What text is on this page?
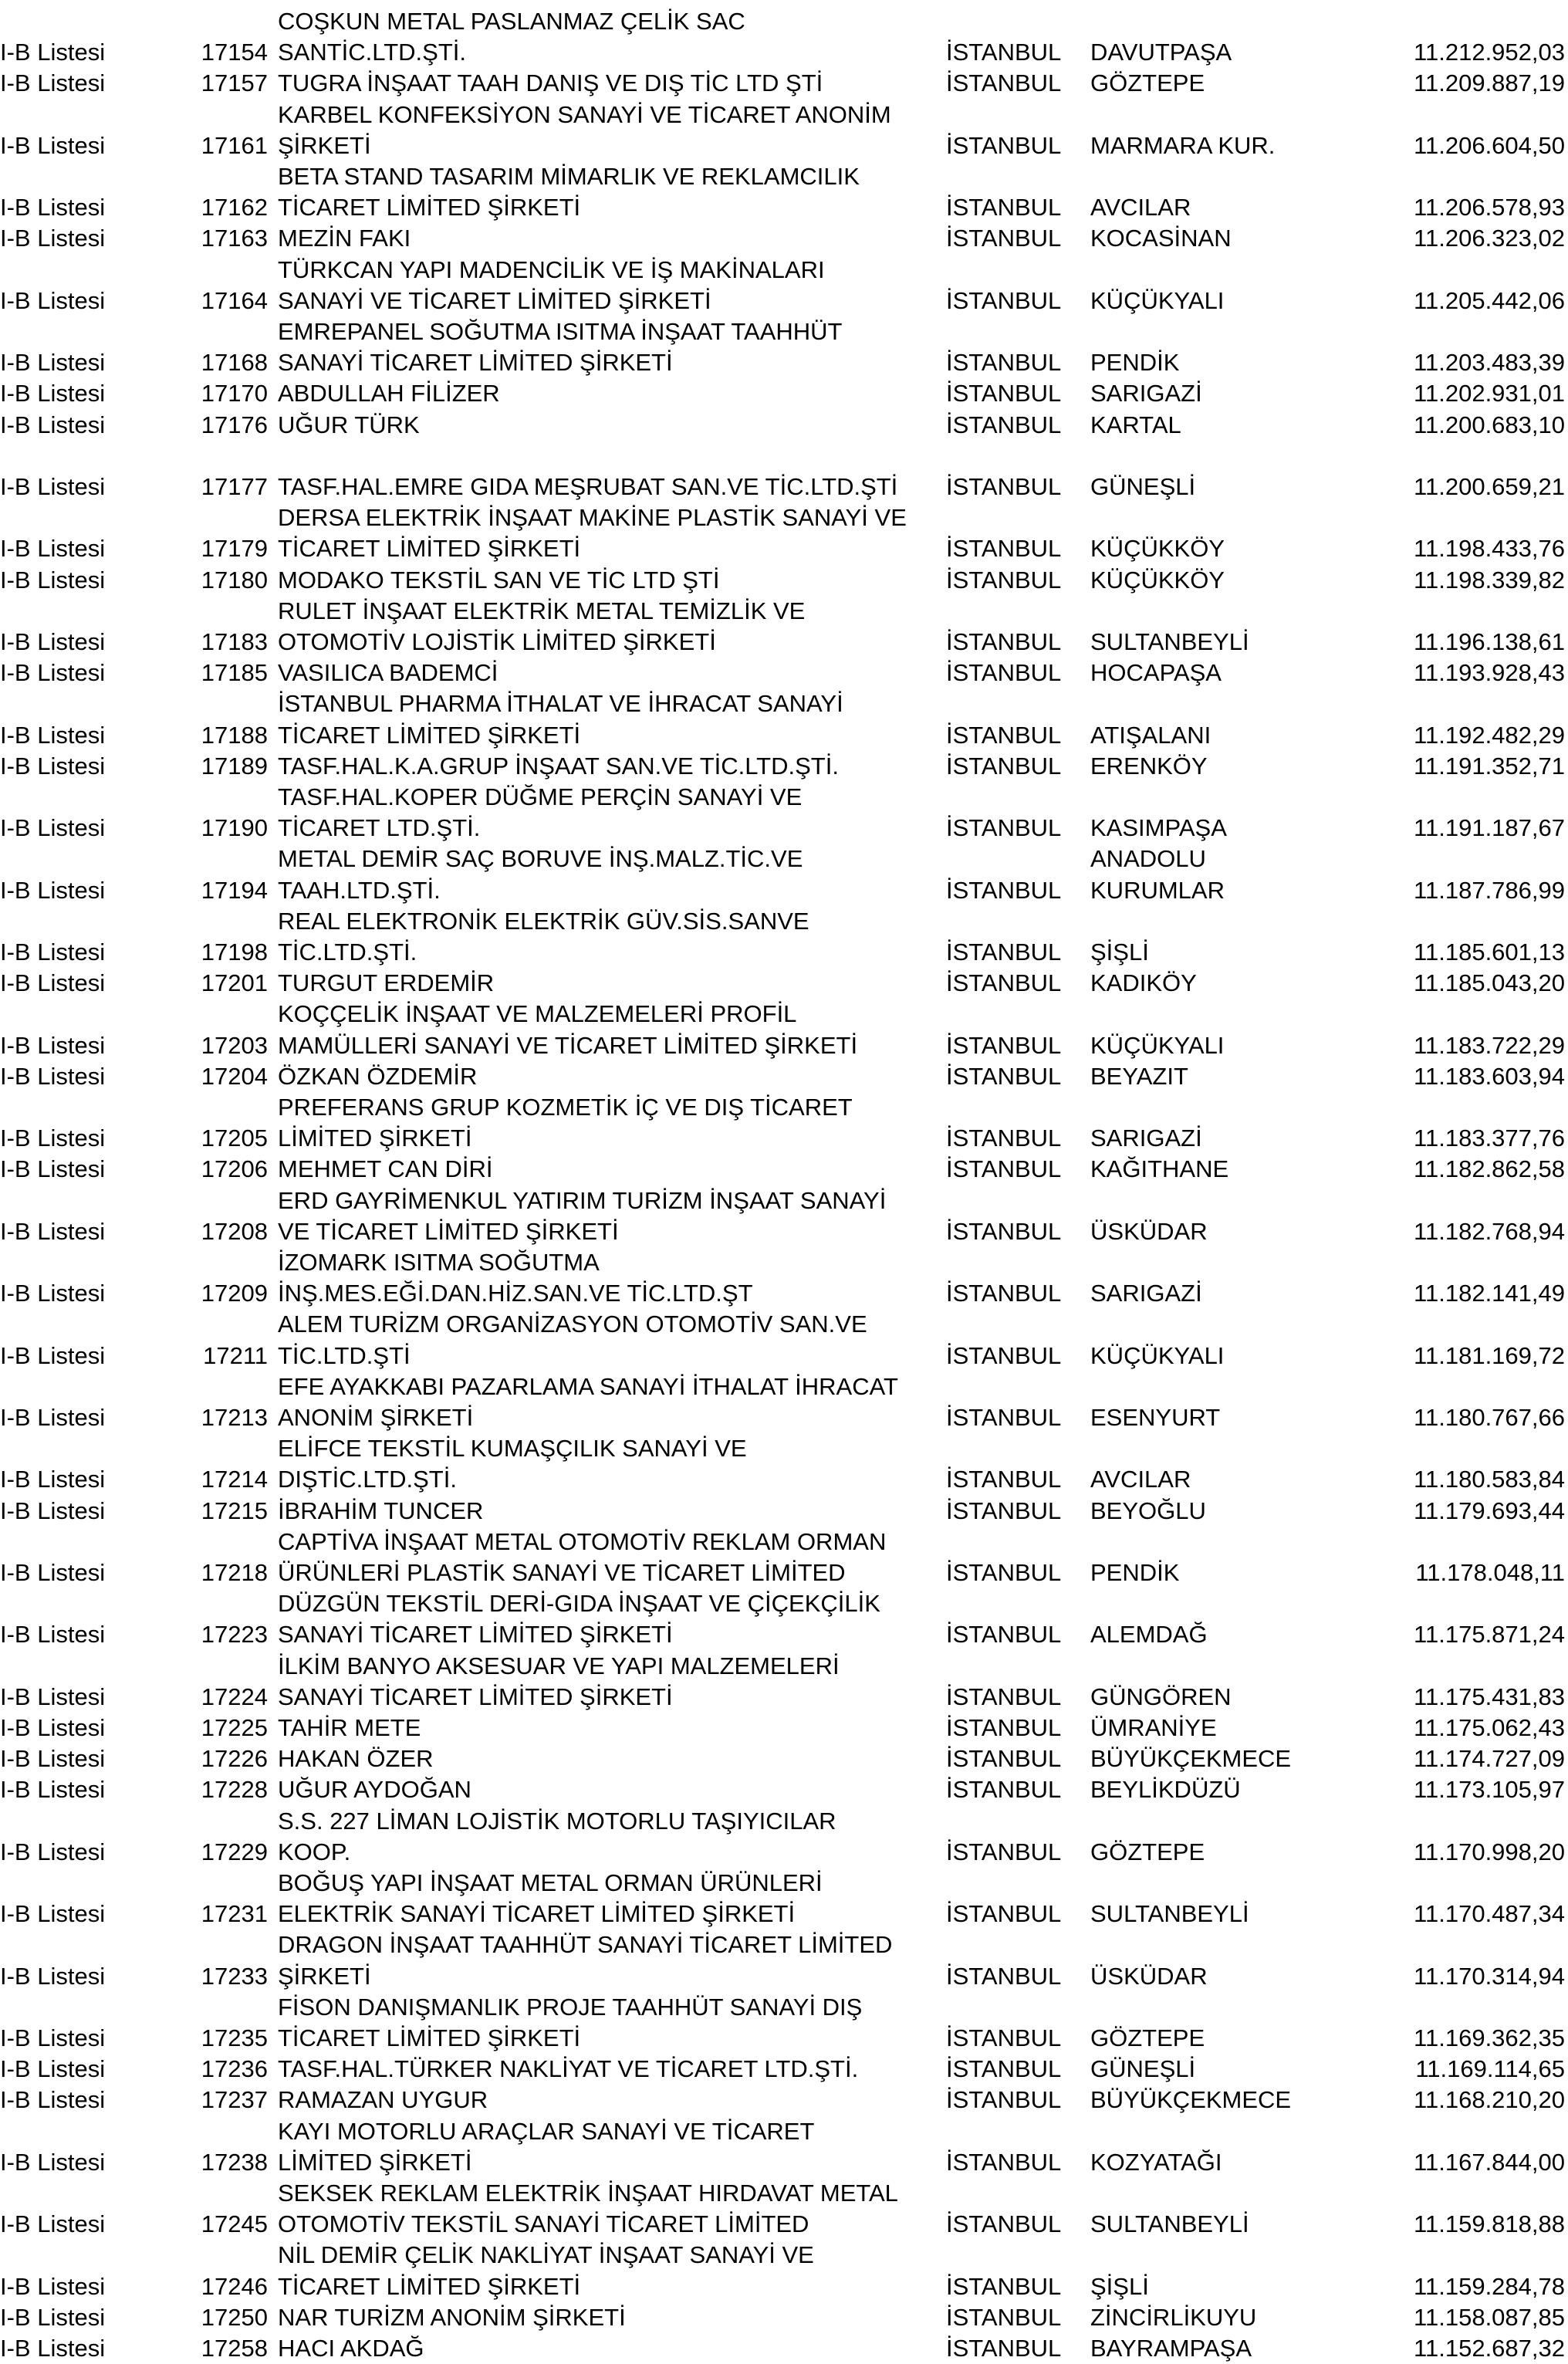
COŞKUN METAL PASLANMAZ ÇELİK SAC
I-B Listesi	17154 SANTİC.LTD.ŞTİ.	İSTANBUL DAVUTPAŞA	11.212.952,03
I-B Listesi	17157 TUGRA İNŞAAT TAAH DANIŞ VE DIŞ TİC LTD ŞTİ	İSTANBUL GÖZTEPE	11.209.887,19
KARBEL KONFEKSİYON SANAYİ VE TİCARET ANONİM
I-B Listesi	17161 ŞİRKETİ	İSTANBUL MARMARA KUR.	11.206.604,50
BETA STAND TASARIM MİMARLIK VE REKLAMCILIK
I-B Listesi	17162 TİCARET LİMİTED ŞİRKETİ	İSTANBUL AVCILAR	11.206.578,93
I-B Listesi	17163 MEZİN FAKI	İSTANBUL KOCASİNAN	11.206.323,02
TÜRKCAN YAPI MADENCİLİK VE İŞ MAKİNALARI
I-B Listesi	17164 SANAYİ VE TİCARET LİMİTED ŞİRKETİ	İSTANBUL KÜÇÜKYALI	11.205.442,06
EMREPANEL SOĞUTMA ISITMA İNŞAAT TAAHHÜT
I-B Listesi	17168 SANAYİ TİCARET LİMİTED ŞİRKETİ	İSTANBUL PENDİK	11.203.483,39
I-B Listesi	17170 ABDULLAH FİLİZER	İSTANBUL SARIGAZİ	11.202.931,01
I-B Listesi	17176 UĞUR TÜRK	İSTANBUL KARTAL	11.200.683,10
I-B Listesi	17177 TASF.HAL.EMRE GIDA MEŞRUBAT SAN.VE TİC.LTD.ŞTİ İSTANBUL GÜNEŞLİ	11.200.659,21
DERSA ELEKTRİK İNŞAAT MAKİNE PLASTİK SANAYİ VE
I-B Listesi	17179 TİCARET LİMİTED ŞİRKETİ	İSTANBUL KÜÇÜKKÖY	11.198.433,76
I-B Listesi	17180 MODAKO TEKSTİL SAN VE TİC LTD ŞTİ	İSTANBUL KÜÇÜKKÖY	11.198.339,82
RULET İNŞAAT ELEKTRİK METAL TEMİZLİK VE
I-B Listesi	17183 OTOMOTİV LOJİSTİK LİMİTED ŞİRKETİ	İSTANBUL SULTANBEYLİ	11.196.138,61
I-B Listesi	17185 VASILICA BADEMCİ	İSTANBUL HOCAPAŞA	11.193.928,43
İSTANBUL PHARMA İTHALAT VE İHRACAT SANAYİ
I-B Listesi	17188 TİCARET LİMİTED ŞİRKETİ	İSTANBUL ATIŞALANI	11.192.482,29
I-B Listesi	17189 TASF.HAL.K.A.GRUP İNŞAAT SAN.VE TİC.LTD.ŞTİ.	İSTANBUL ERENKÖY	11.191.352,71
TASF.HAL.KOPER DÜĞME PERÇİN SANAYİ VE
I-B Listesi	17190 TİCARET LTD.ŞTİ.	İSTANBUL KASIMPAŞA	11.191.187,67
METAL DEMİR SAÇ BORUVE İNŞ.MALZ.TİC.VE	ANADOLU
I-B Listesi	17194 TAAH.LTD.ŞTİ.	İSTANBUL KURUMLAR	11.187.786,99
REAL ELEKTRONİK ELEKTRİK GÜV.SİS.SANVE
I-B Listesi	17198 TİC.LTD.ŞTİ.	İSTANBUL ŞİŞLİ	11.185.601,13
I-B Listesi	17201 TURGUT ERDEMİR	İSTANBUL KADIKÖY	11.185.043,20
KOÇÇELİK İNŞAAT VE MALZEMELERİ PROFİL
I-B Listesi	17203 MAMÜLLERİ SANAYİ VE TİCARET LİMİTED ŞİRKETİ	İSTANBUL KÜÇÜKYALI	11.183.722,29
I-B Listesi	17204 ÖZKAN ÖZDEMİR	İSTANBUL BEYAZIT	11.183.603,94
PREFERANS GRUP KOZMETİK İÇ VE DIŞ TİCARET
I-B Listesi	17205 LİMİTED ŞİRKETİ	İSTANBUL SARIGAZİ	11.183.377,76
I-B Listesi	17206 MEHMET CAN DİRİ	İSTANBUL KAĞITHANE	11.182.862,58
ERD GAYRİMENKUL YATIRIM TURİZM İNŞAAT SANAYİ
I-B Listesi	17208 VE TİCARET LİMİTED ŞİRKETİ	İSTANBUL ÜSKÜDAR	11.182.768,94
İZOMARK ISITMA SOĞUTMA
I-B Listesi	17209 İNŞ.MES.EĞİ.DAN.HİZ.SAN.VE TİC.LTD.ŞT	İSTANBUL SARIGAZİ	11.182.141,49
ALEM TURİZM ORGANİZASYON OTOMOTİV SAN.VE
I-B Listesi	17211 TİC.LTD.ŞTİ	İSTANBUL KÜÇÜKYALI	11.181.169,72
EFE AYAKKABI PAZARLAMA SANAYİ İTHALAT İHRACAT
I-B Listesi	17213 ANONİM ŞİRKETİ	İSTANBUL ESENYURT	11.180.767,66
ELİFCE TEKSTİL KUMAŞÇILIK SANAYİ VE
I-B Listesi	17214 DIŞTİC.LTD.ŞTİ.	İSTANBUL AVCILAR	11.180.583,84
I-B Listesi	17215 İBRAHİM TUNCER	İSTANBUL BEYOĞLU	11.179.693,44
CAPTİVA İNŞAAT METAL OTOMOTİV REKLAM ORMAN
I-B Listesi	17218 ÜRÜNLERİ PLASTİK SANAYİ VE TİCARET LİMİTED	İSTANBUL PENDİK	11.178.048,11
DÜZGÜN TEKSTİL DERİ-GIDA İNŞAAT VE ÇİÇEKÇİLİK
I-B Listesi	17223 SANAYİ TİCARET LİMİTED ŞİRKETİ	İSTANBUL ALEMDAĞ	11.175.871,24
İLKİM BANYO AKSESUAR VE YAPI MALZEMELERİ
I-B Listesi	17224 SANAYİ TİCARET LİMİTED ŞİRKETİ	İSTANBUL GÜNGÖREN	11.175.431,83
I-B Listesi	17225 TAHİR METE	İSTANBUL ÜMRANİYE	11.175.062,43
I-B Listesi	17226 HAKAN ÖZER	İSTANBUL BÜYÜKÇEKMECE	11.174.727,09
I-B Listesi	17228 UĞUR AYDOĞAN	İSTANBUL BEYLİKDÜZÜ	11.173.105,97
S.S. 227 LİMAN LOJİSTİK MOTORLU TAŞIYICILAR
I-B Listesi	17229 KOOP.	İSTANBUL GÖZTEPE	11.170.998,20
BOĞUŞ YAPI İNŞAAT METAL ORMAN ÜRÜNLERİ
I-B Listesi	17231 ELEKTRİK SANAYİ TİCARET LİMİTED ŞİRKETİ	İSTANBUL SULTANBEYLİ	11.170.487,34
DRAGON İNŞAAT TAAHHÜT SANAYİ TİCARET LİMİTED
I-B Listesi	17233 ŞİRKETİ	İSTANBUL ÜSKÜDAR	11.170.314,94
FİSON DANIŞMANLIK PROJE TAAHHÜT SANAYİ DIŞ
I-B Listesi	17235 TİCARET LİMİTED ŞİRKETİ	İSTANBUL GÖZTEPE	11.169.362,35
I-B Listesi	17236 TASF.HAL.TÜRKER NAKLİYAT VE TİCARET LTD.ŞTİ.	İSTANBUL GÜNEŞLİ	11.169.114,65
I-B Listesi	17237 RAMAZAN UYGUR	İSTANBUL BÜYÜKÇEKMECE	11.168.210,20
KAYI MOTORLU ARAÇLAR SANAYİ VE TİCARET
I-B Listesi	17238 LİMİTED ŞİRKETİ	İSTANBUL KOZYATAĞI	11.167.844,00
SEKSEK REKLAM ELEKTRİK İNŞAAT HIRDAVAT METAL
I-B Listesi	17245 OTOMOTİV TEKSTİL SANAYİ TİCARET LİMİTED	İSTANBUL SULTANBEYLİ	11.159.818,88
NİL DEMİR ÇELİK NAKLİYAT İNŞAAT SANAYİ VE
I-B Listesi	17246 TİCARET LİMİTED ŞİRKETİ	İSTANBUL ŞİŞLİ	11.159.284,78
I-B Listesi	17250 NAR TURİZM ANONİM ŞİRKETİ	İSTANBUL ZİNCİRLİKUYU	11.158.087,85
I-B Listesi	17258 HACI AKDAĞ	İSTANBUL BAYRAMPAŞA	11.152.687,32
